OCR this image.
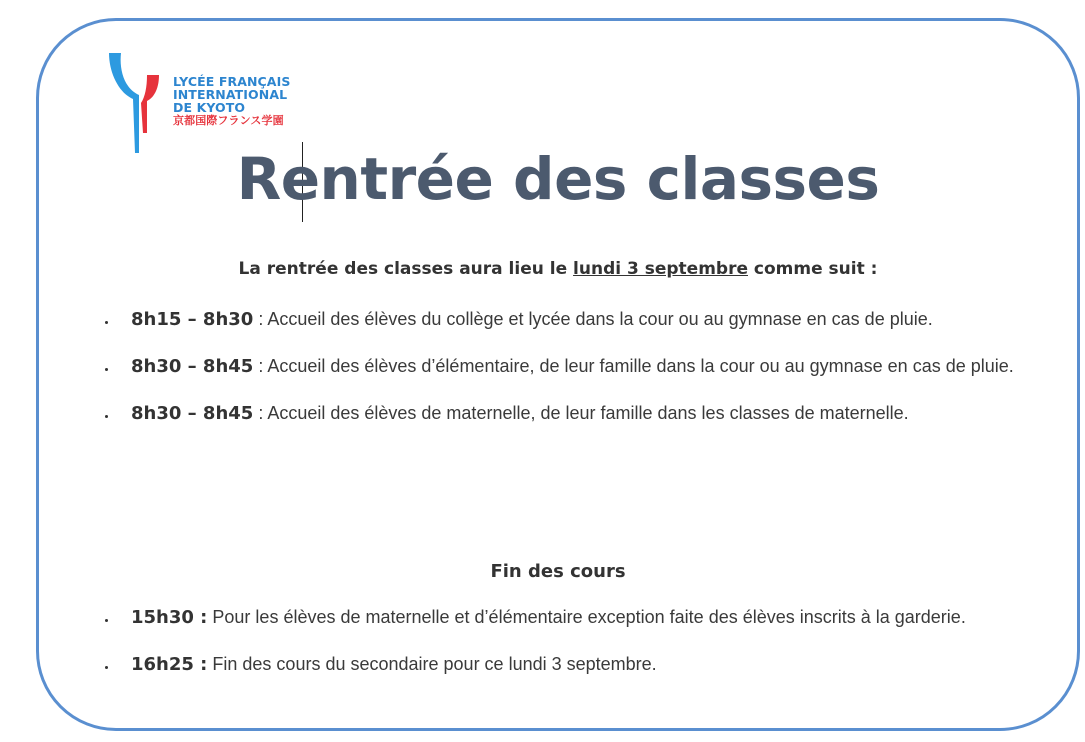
LYCÉE FRANÇAIS
INTERNATIONAL
DE KYOTO
京都国際フランス学園
Rentrée des classes
La rentrée des classes aura lieu le lundi 3 septembre comme suit :
8h15 – 8h30 : Accueil des élèves du collège et lycée dans la cour ou au gymnase en cas de pluie.
8h30 – 8h45 : Accueil des élèves d’élémentaire, de leur famille dans la cour ou au gymnase en cas de pluie.
8h30 – 8h45 : Accueil des élèves de maternelle, de leur famille dans les classes de maternelle.
Fin des cours
15h30 : Pour les élèves de maternelle et d’élémentaire exception faite des élèves inscrits à la garderie.
16h25 : Fin des cours du secondaire pour ce lundi 3 septembre.
